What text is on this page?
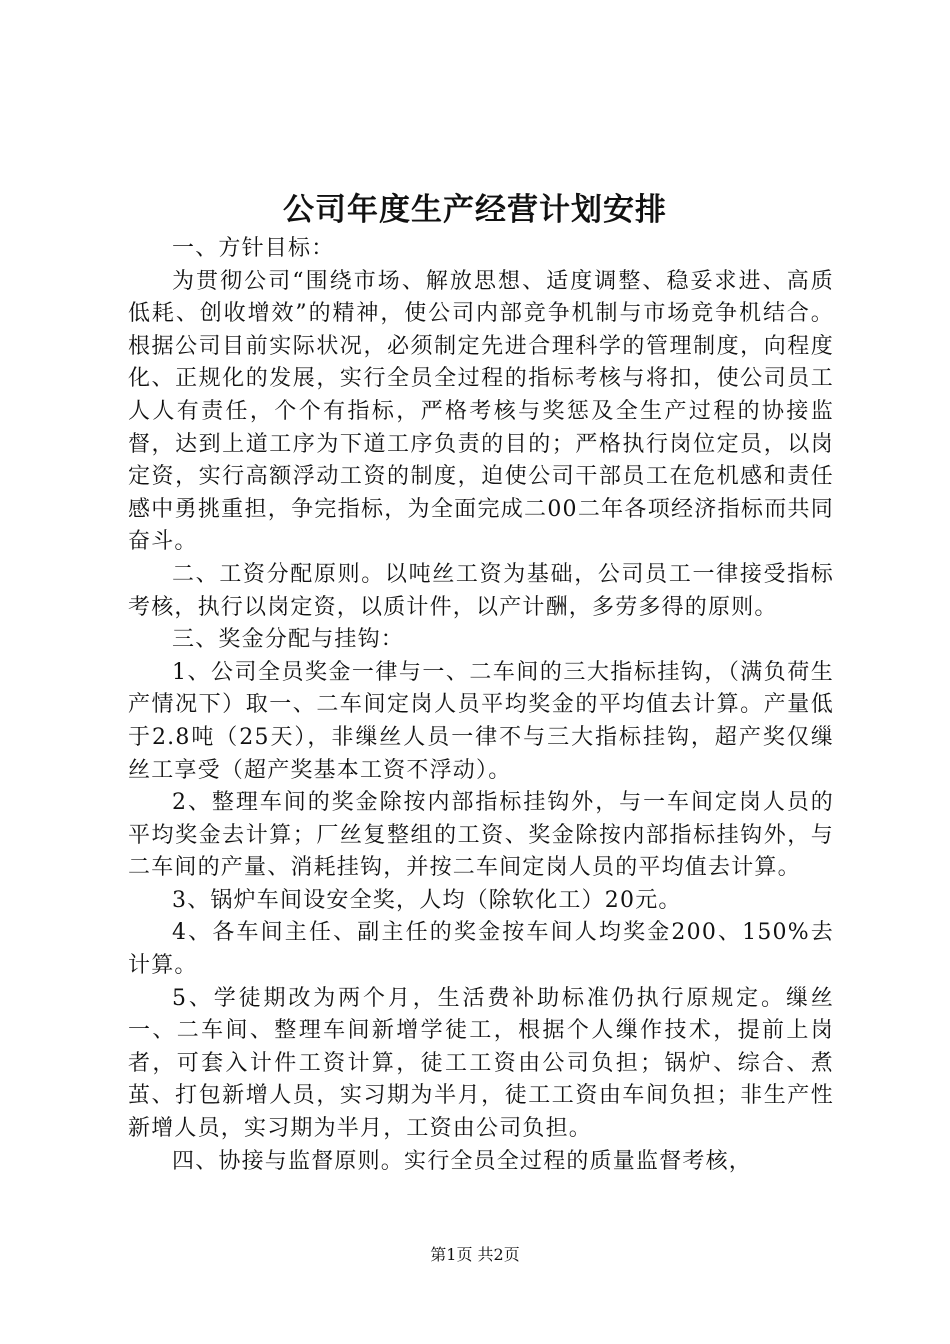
公司年度生产经营计划安排

一、方针目标：

为贯彻公司“围绕市场、解放思想、适度调整、稳妥求进、高质低耗、创收增效”的精神，使公司内部竞争机制与市场竞争机结合。根据公司目前实际状况，必须制定先进合理科学的管理制度，向程度化、正规化的发展，实行全员全过程的指标考核与将扣，使公司员工人人有责任，个个有指标，严格考核与奖惩及全生产过程的协接监督，达到上道工序为下道工序负责的目的；严格执行岗位定员，以岗定资，实行高额浮动工资的制度，迫使公司干部员工在危机感和责任感中勇挑重担，争完指标，为全面完成二00二年各项经济指标而共同奋斗。

二、工资分配原则。以吨丝工资为基础，公司员工一律接受指标考核，执行以岗定资，以质计件，以产计酬，多劳多得的原则。

三、奖金分配与挂钩：

1、公司全员奖金一律与一、二车间的三大指标挂钩，（满负荷生产情况下）取一、二车间定岗人员平均奖金的平均值去计算。产量低于2.8吨（25天），非缫丝人员一律不与三大指标挂钩，超产奖仅缫丝工享受（超产奖基本工资不浮动）。

2、整理车间的奖金除按内部指标挂钩外，与一车间定岗人员的平均奖金去计算；厂丝复整组的工资、奖金除按内部指标挂钩外，与二车间的产量、消耗挂钩，并按二车间定岗人员的平均值去计算。

3、锅炉车间设安全奖，人均（除软化工）20元。

4、各车间主任、副主任的奖金按车间人均奖金200、150%去计算。

5、学徒期改为两个月，生活费补助标准仍执行原规定。缫丝一、二车间、整理车间新增学徒工，根据个人缫作技术，提前上岗者，可套入计件工资计算，徒工工资由公司负担；锅炉、综合、煮茧、打包新增人员，实习期为半月，徒工工资由车间负担；非生产性新增人员，实习期为半月，工资由公司负担。

四、协接与监督原则。实行全员全过程的质量监督考核，

第1页 共2页
